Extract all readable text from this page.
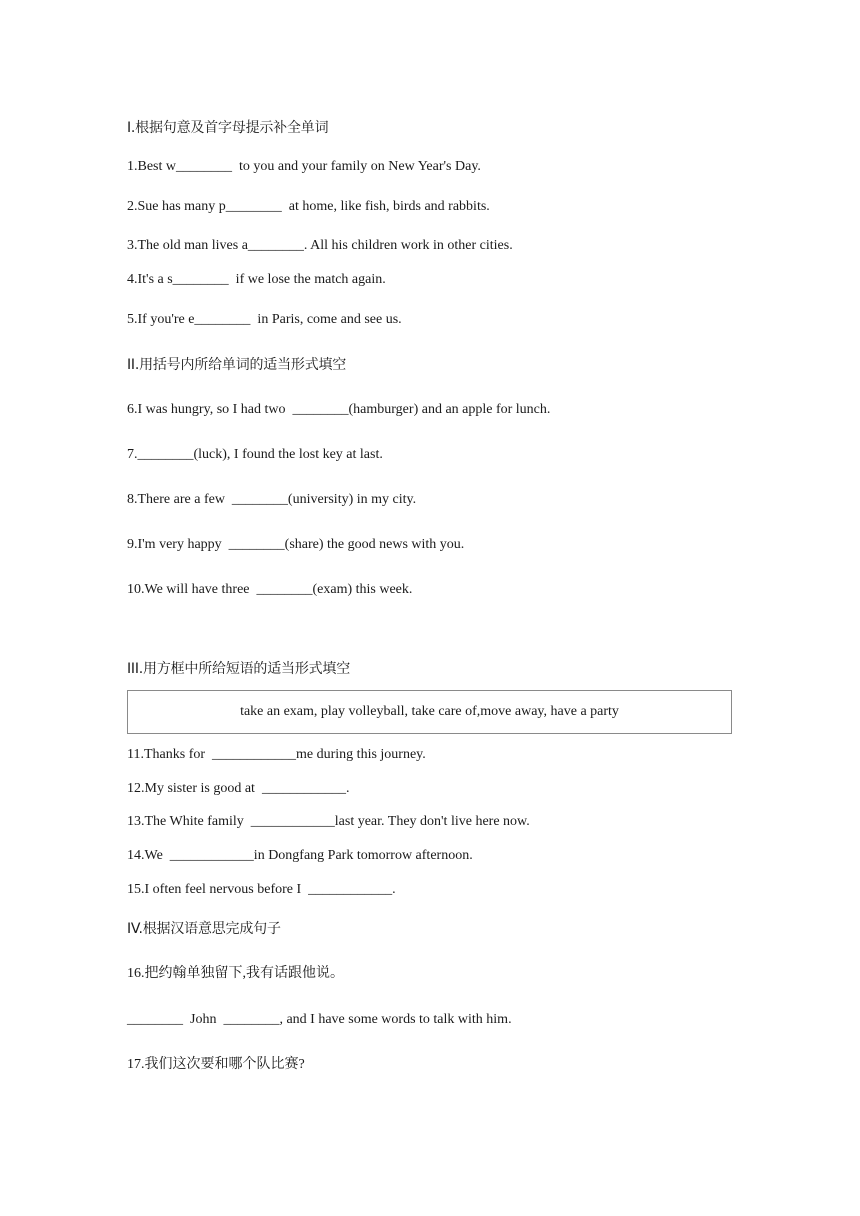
I.根据句意及首字母提示补全单词
1.Best w________  to you and your family on New Year's Day.
2.Sue has many p________  at home, like fish, birds and rabbits.
3.The old man lives a________. All his children work in other cities.
4.It's a s________  if we lose the match again.
5.If you're e________  in Paris, come and see us.
II.用括号内所给单词的适当形式填空
6.I was hungry, so I had two  ________(hamburger) and an apple for lunch.
7.________(luck), I found the lost key at last.
8.There are a few  ________(university) in my city.
9.I'm very happy  ________(share) the good news with you.
10.We will have three  ________(exam) this week.
III.用方框中所给短语的适当形式填空
take an exam, play volleyball, take care of,move away, have a party
11.Thanks for  ____________me during this journey.
12.My sister is good at  ____________.
13.The White family  ____________last year. They don't live here now.
14.We  ____________in Dongfang Park tomorrow afternoon.
15.I often feel nervous before I  ____________.
IV.根据汉语意思完成句子
16.把约翰单独留下,我有话跟他说。
________  John  ________, and I have some words to talk with him.
17.我们这次要和哪个队比赛?
